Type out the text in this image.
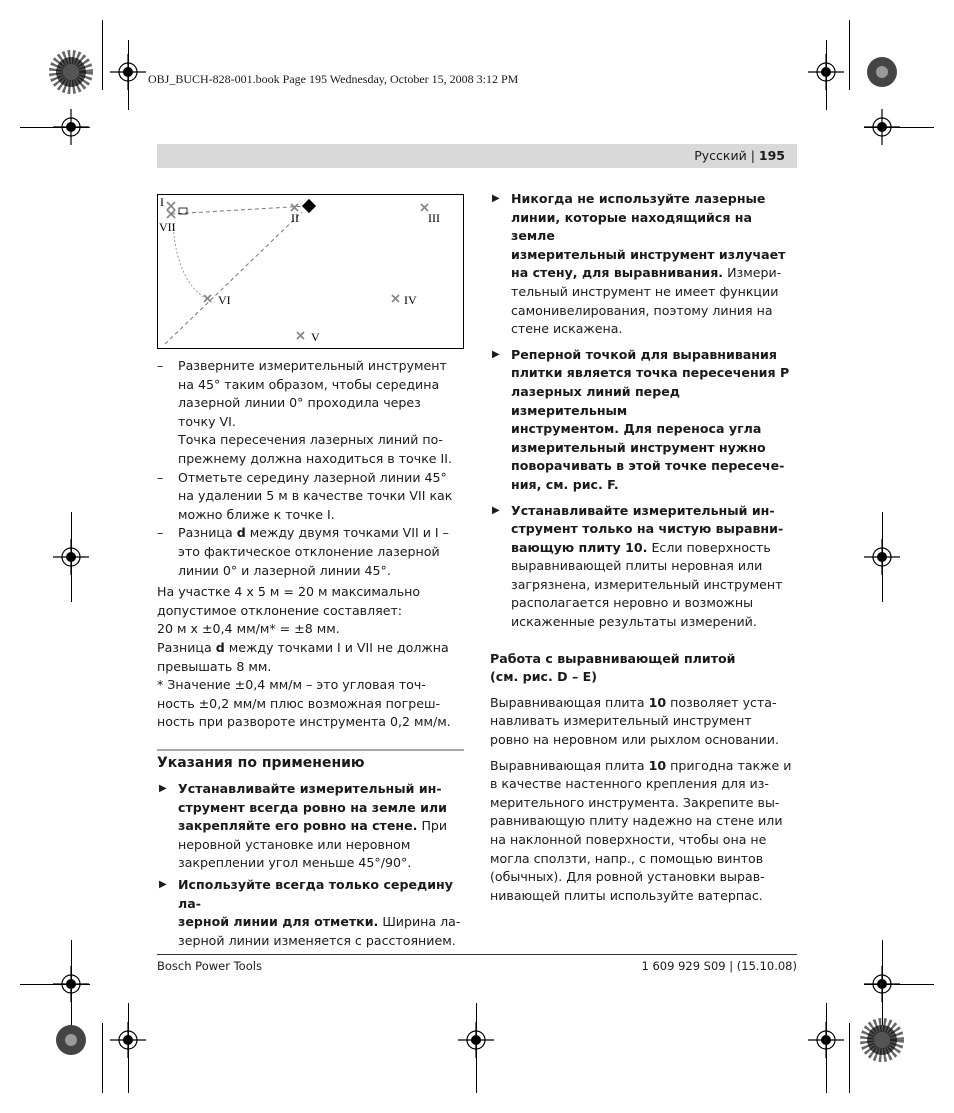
OBJ_BUCH-828-001.book Page 195 Wednesday, October 15, 2008 3:12 PM
Русский | 195
I
II	III
IV
V
VI
VII

– Разверните измерительный инструмент

на 45° таким образом, чтобы середина

лазерной линии 0° проходила через

точку VI.

Точка пересечения лазерных линий по-

прежнему должна находиться в точке II.

– Отметьте середину лазерной линии 45°

на удалении 5 м в качестве точки VII как

можно ближе к точке I.

– Разница d между двумя точками VII и I –

это фактическое отклонение лазерной

линии 0° и лазерной линии 45°.

На участке 4 x 5 м = 20 м максимально

допустимое отклонение составляет:

20 м x ±0,4 мм/м* = ±8 мм.

Разница d между точками I и VII не должна

превышать 8 мм.

* Значение ±0,4 мм/м – это угловая точ-

ность ±0,2 мм/м плюс возможная погреш-

ность при развороте инструмента 0,2 мм/м.

Указания по применению
▶ Устанавливайте измерительный ин-

струмент всегда ровно на земле или

закрепляйте его ровно на стене. При

неровной установке или неровном

закреплении угол меньше 45°/90°.

▶ Используйте всегда только середину ла-

зерной линии для отметки. Ширина ла-

зерной линии изменяется с расстоянием.

▶ Никогда не используйте лазерные

линии, которые находящийся на земле

измерительный инструмент излучает

на стену, для выравнивания. Измери-

тельный инструмент не имеет функции

самонивелирования, поэтому линия на

стене искажена.

▶ Реперной точкой для выравнивания

плитки является точка пересечения P

лазерных линий перед измерительным

инструментом. Для переноса угла

измерительный инструмент нужно

поворачивать в этой точке пересече-

ния, см. рис. F.

▶ Устанавливайте измерительный ин-

струмент только на чистую выравни-

вающую плиту 10. Если поверхность

выравнивающей плиты неровная или

загрязнена, измерительный инструмент

располагается неровно и возможны

искаженные результаты измерений.

Работа с выравнивающей плитой

(см. рис. D – E)

Выравнивающая плита 10 позволяет уста-

навливать измерительный инструмент

ровно на неровном или рыхлом основании.

Выравнивающая плита 10 пригодна также и

в качестве настенного крепления для из-

мерительного инструмента. Закрепите вы-

равнивающую плиту надежно на стене или

на наклонной поверхности, чтобы она не

могла сползти, напр., с помощью винтов

(обычных). Для ровной установки вырав-

нивающей плиты используйте ватерпас.

Bosch Power Tools	1 609 929 S09 | (15.10.08)
